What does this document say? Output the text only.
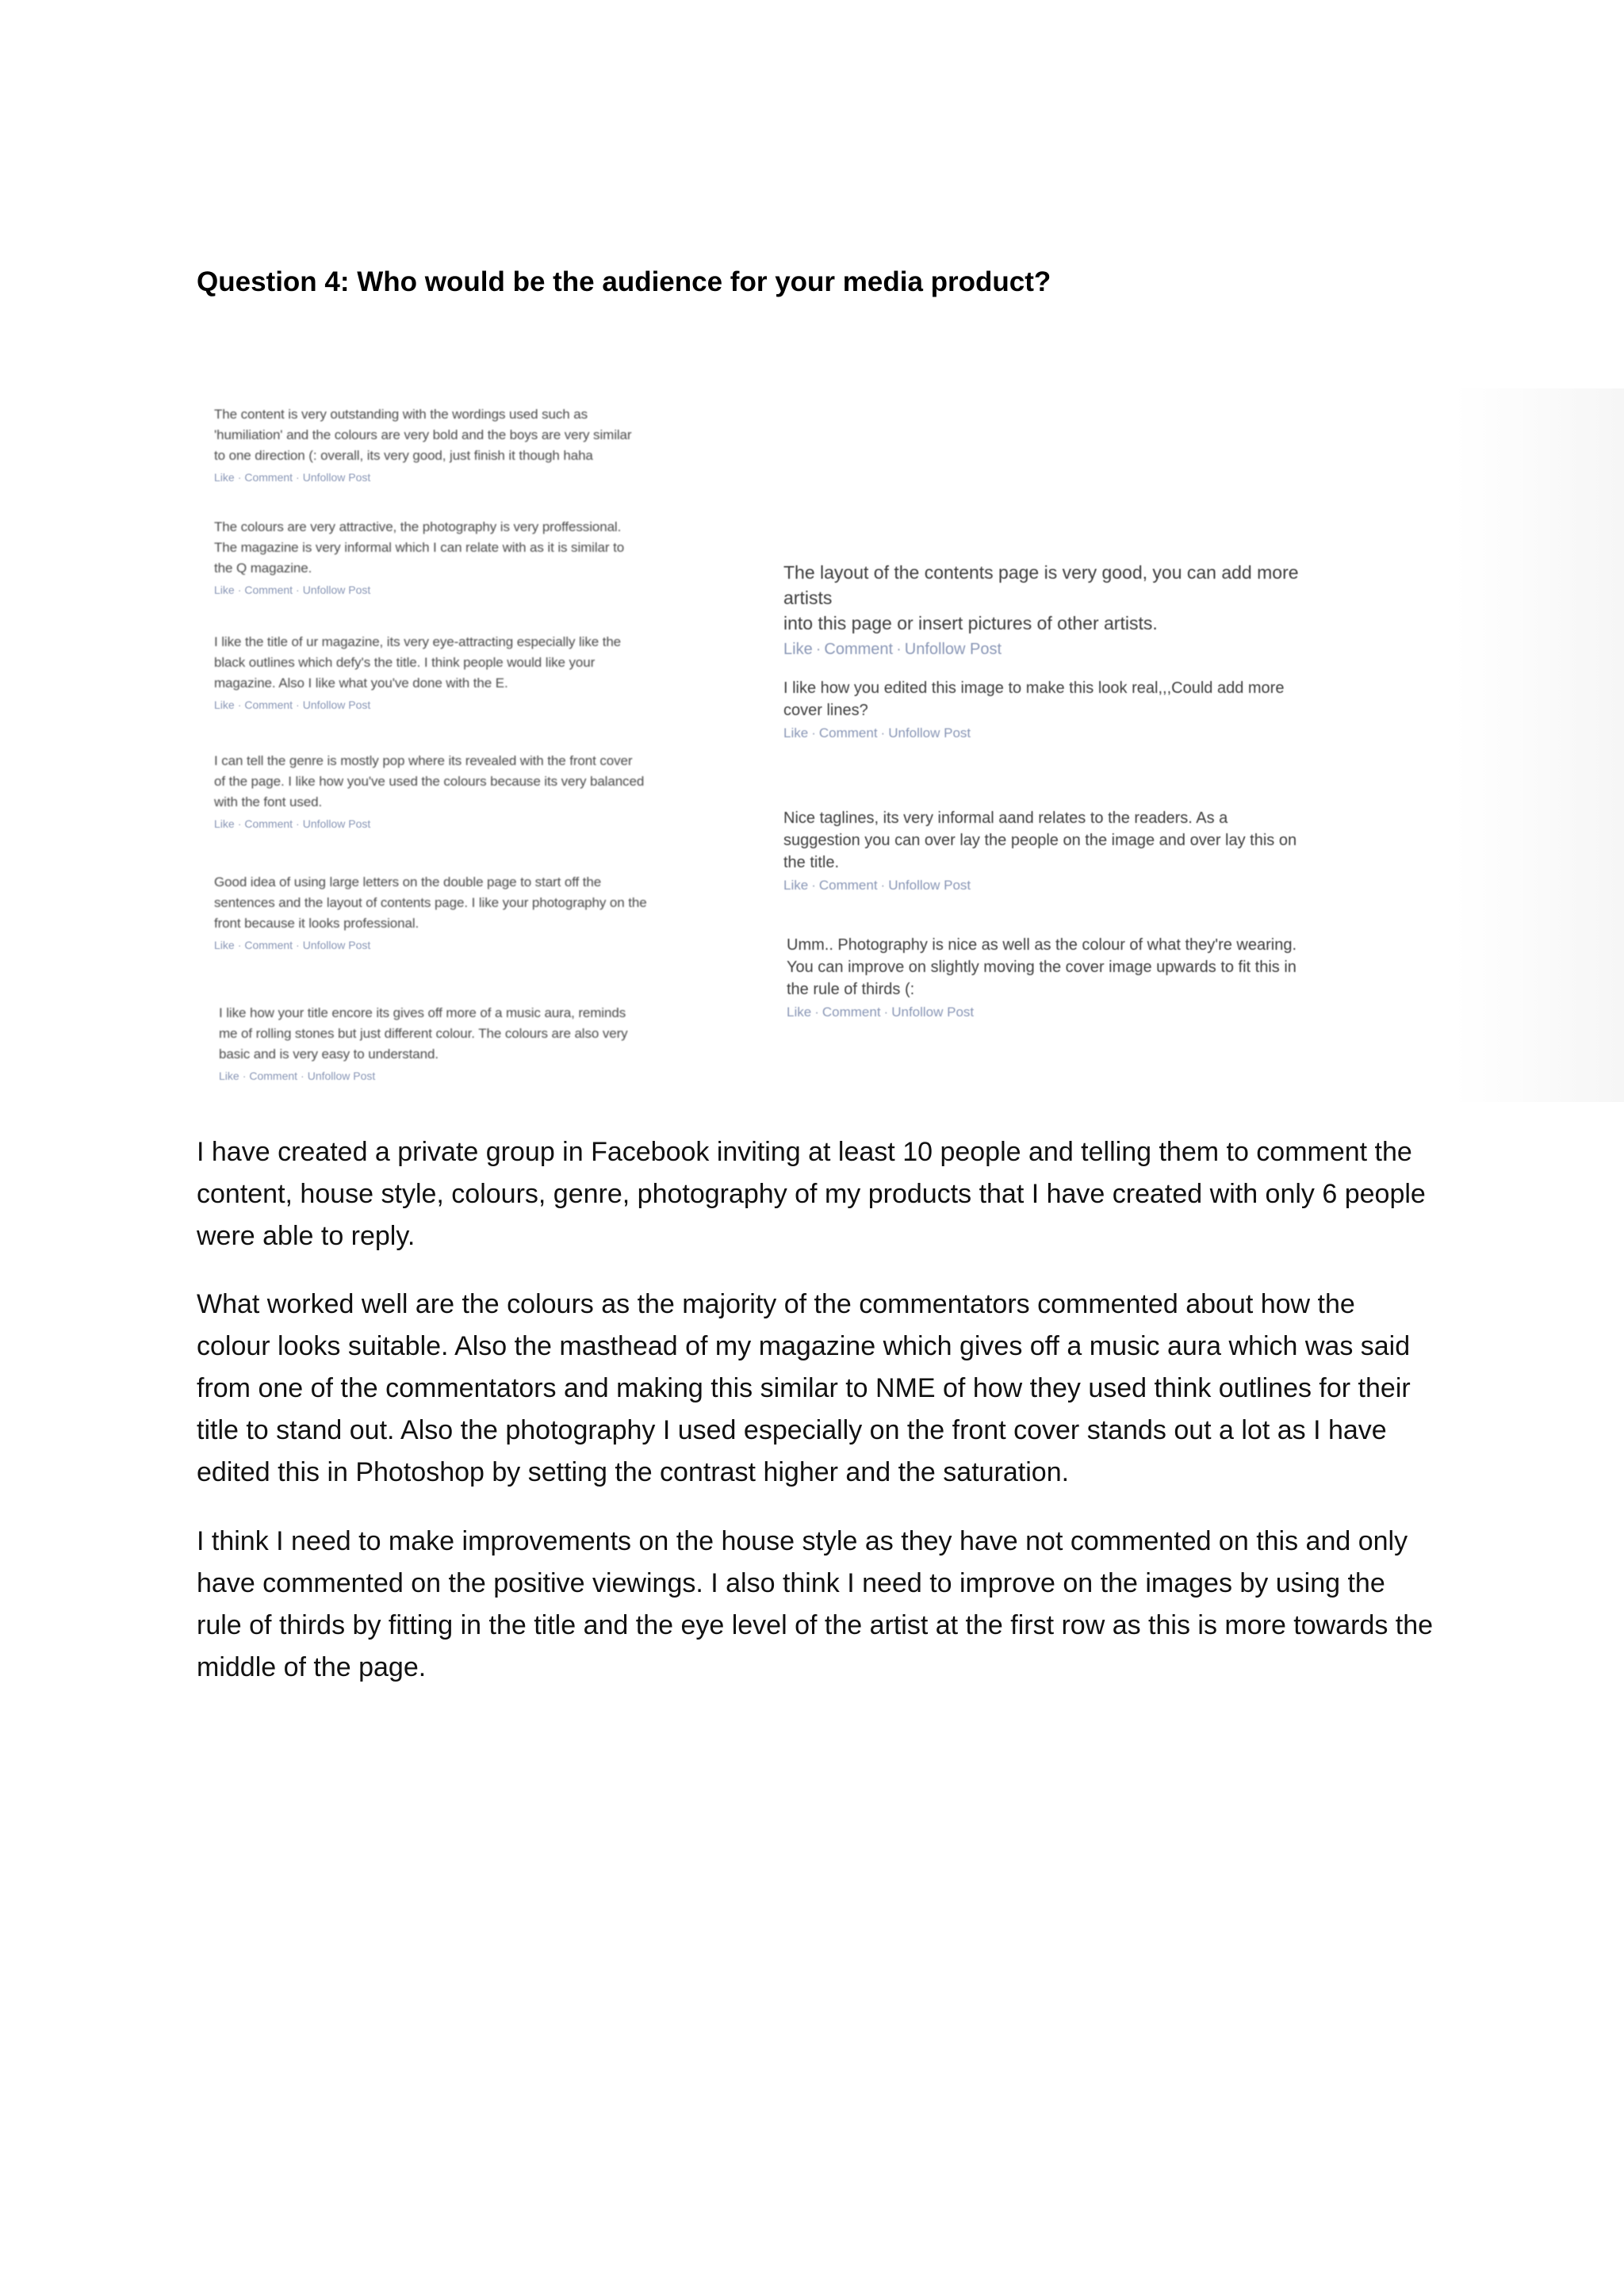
Question 4: Who would be the audience for your media product?

The content is very outstanding with the wordings used such as

'humiliation' and the colours are very bold and the boys are very similar

to one direction (: overall, its very good, just finish it though haha

Like · Comment · Unfollow Post

The colours are very attractive, the photography is very proffessional.

The magazine is very informal which I can relate with as it is similar to

the Q magazine.

Like · Comment · Unfollow Post

I like the title of ur magazine, its very eye-attracting especially like the

black outlines which defy's the title. I think people would like your

magazine. Also I like what you've done with the E.

Like · Comment · Unfollow Post

I can tell the genre is mostly pop where its revealed with the front cover

of the page. I like how you've used the colours because its very balanced

with the font used.

Like · Comment · Unfollow Post

Good idea of using large letters on the double page to start off the

sentences and the layout of contents page. I like your photography on the

front because it looks professional.

Like · Comment · Unfollow Post

I like how your title encore its gives off more of a music aura, reminds

me of rolling stones but just different colour. The colours are also very

basic and is very easy to understand.

Like · Comment · Unfollow Post

The layout of the contents page is very good, you can add more artists

into this page or insert pictures of other artists.

Like · Comment · Unfollow Post

I like how you edited this image to make this look real,,,Could add more

cover lines?

Like · Comment · Unfollow Post

Nice taglines, its very informal aand relates to the readers. As a

suggestion you can over lay the people on the image and over lay this on

the title.

Like · Comment · Unfollow Post

Umm.. Photography is nice as well as the colour of what they're wearing.

You can improve on slightly moving the cover image upwards to fit this in

the rule of thirds (:

Like · Comment · Unfollow Post

I have created a private group in Facebook inviting at least 10 people and telling them to comment the content, house style, colours, genre, photography of my products that I have created with only 6 people were able to reply.

What worked well are the colours as the majority of the commentators commented about how the colour looks suitable. Also the masthead of my magazine which gives off a music aura which was said from one of the commentators and making this similar to NME of how they used think outlines for their title to stand out. Also the photography I used especially on the front cover stands out a lot as I have edited this in Photoshop by setting the contrast higher and the saturation.

I think I need to make improvements on the house style as they have not commented on this and only have commented on the positive viewings. I also think I need to improve on the images by using the rule of thirds by fitting in the title and the eye level of the artist at the first row as this is more towards the middle of the page.
